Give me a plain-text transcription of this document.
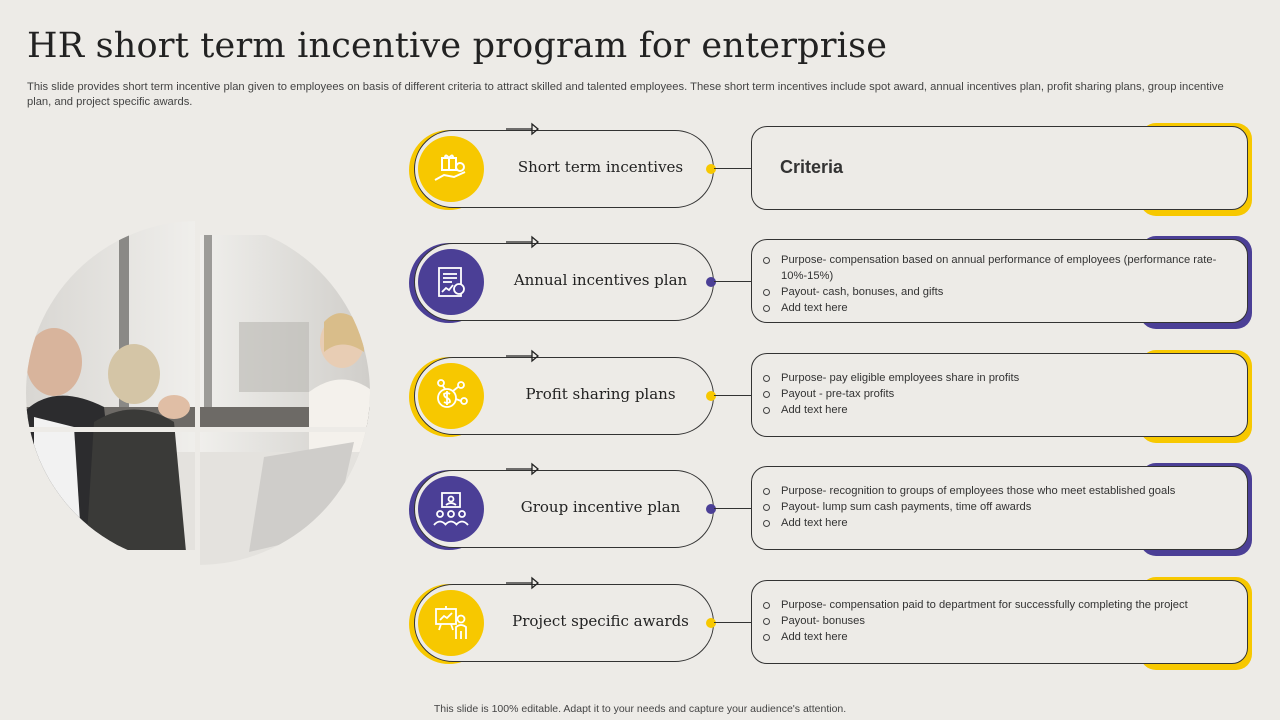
HR short term incentive program for enterprise

This slide provides short term incentive plan given to employees on basis of different criteria to attract skilled and talented employees. These short term incentives include spot award, annual incentives plan, profit sharing plans, group incentive plan, and project specific awards.

Short term incentives	Criteria
Annual incentives plan
Purpose- compensation based on annual performance of employees (performance rate- 10%-15%)
Payout- cash, bonuses, and gifts
Add text here
Profit sharing plans
Purpose- pay eligible employees share in profits
Payout - pre-tax profits
Add text here
Group incentive plan
Purpose- recognition to groups of employees those who meet established goals
Payout- lump sum cash payments, time off awards
Add text here
Project specific awards
Purpose- compensation paid to department for successfully completing the project
Payout- bonuses
Add text here
This slide is 100% editable. Adapt it to your needs and capture your audience's attention.
